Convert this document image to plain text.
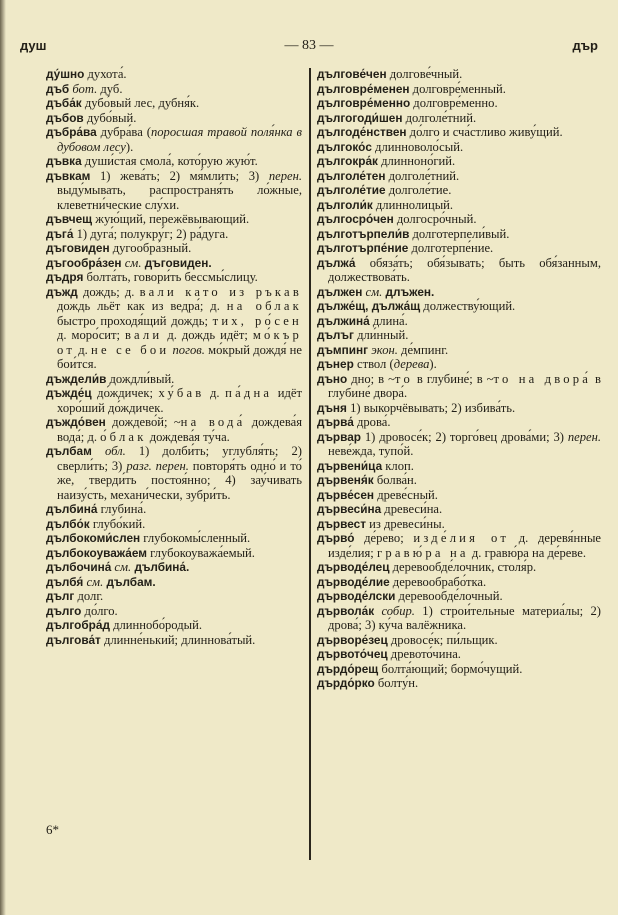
— 83 —
душ	дър
ду́шно духота́.
дъб бот. дуб.
дъба́к дубо́вый лес, дубня́к.
дъбов дубо́вый.
дъбра́ва дубра́ва (поросшая травой поля́нка в дубовом лесу).
дъвка души́стая смола́, кото́рую жую́т.
дъвкам 1) жева́ть; 2) мя́млить; 3) перен. выду́мывать, распространя́ть ло́жные, клеветни́ческие слу́хи.
дъвчещ жую́щий, пережёвывающий.
дъга́ 1) дуга́; полукру́г; 2) ра́дуга.
дъговиден дугообра́зный.
дъгообра́зен см. дъговиден.
дъдря болта́ть, говори́ть бессмы́слицу.
дъжд дождь; д. вали като из ръкав дождь льёт как из ведра́; д. на облак быстро проходя́щий дождь; тих, ро́сен д. моро́сит; вали д. дождь идёт; мо́кър от д. не се бои погов. мо́крый дождя́ не бои́тся.
дъждели́в дождли́вый.
дъжде́ц до́ждичек; ху́бав д. па́дна идёт хоро́ший до́ждичек.
дъждо́вен дождево́й; ~на вода́ дождева́я вода́; д. о́блак дождева́я ту́ча.
дълбам обл. 1) долби́ть; углубля́ть; 2) сверли́ть; 3) разг. перен. повторя́ть одно́ и то́ же, тверди́ть постоя́нно; 4) зау́чивать наизу́сть, механи́чески, зубри́ть.
дълбина́ глубина́.
дълбо́к глубо́кий.
дълбокоми́слен глубокомы́сленный.
дълбокоуважа́ем глубокоуважа́емый.
дълбочина́ см. дълбина́.
дълбя́ см. дълбам.
дълг долг.
дълго до́лго.
дългобра́д длиннобо́родый.
дългова́т длинне́нький; длиннова́тый.
дългове́чен долгове́чный.
дълговре́менен долговре́менный.
дълговре́менно долговре́менно.
дългогоди́шен долголе́тний.
дългоде́нствен до́лго и сча́стливо живу́щий.
дългоко́с длинноволо́сый.
дългокра́к длинноно́гий.
дълголе́тен долголе́тний.
дълголе́тие долголе́тие.
дълголи́к длиннолицый.
дългосро́чен долгосро́чный.
дълготърпели́в долготерпели́вый.
дълготърпе́ние долготерпе́ние.
дължа́ обяза́ть; обя́зывать; быть обя́занным, должествова́ть.
дължен см. длъжен.
дълже́щ, дължа́щ должеству́ющий.
дължина́ длина́.
дълъг дли́нный.
дъмпинг экон. де́мпинг.
дънер ствол (дерева).
дъно дно; в ~то в глубине́; в ~то на двора́ в глубине́ двора́.
дъня 1) выкорчёвывать; 2) избива́ть.
дърва́ дрова́.
дървар 1) дровосе́к; 2) торго́вец дрова́ми; 3) перен. неве́жда, тупо́й.
дървени́ца клоп.
дървеня́к болва́н.
дърве́сен древе́сный.
дървеси́на древеси́на.
дървест из древеси́ны.
дърво́ де́рево; изде́лия от д. деревя́нные изде́лия; гравю́ра на д. гравю́ра на де́реве.
дърводе́лец деревообде́лочник, столя́р.
дърводе́лие деревообрабо́тка.
дърводе́лски деревообде́лочный.
дървола́к собир. 1) строи́тельные материа́лы; 2) дрова́; 3) ку́ча валёжника.
дърворе́зец дровосе́к; пи́льщик.
дървото́чец древото́чина.
дърдо́рещ болта́ющий; бормо́чущий.
дърдо́рко болту́н.
6*
